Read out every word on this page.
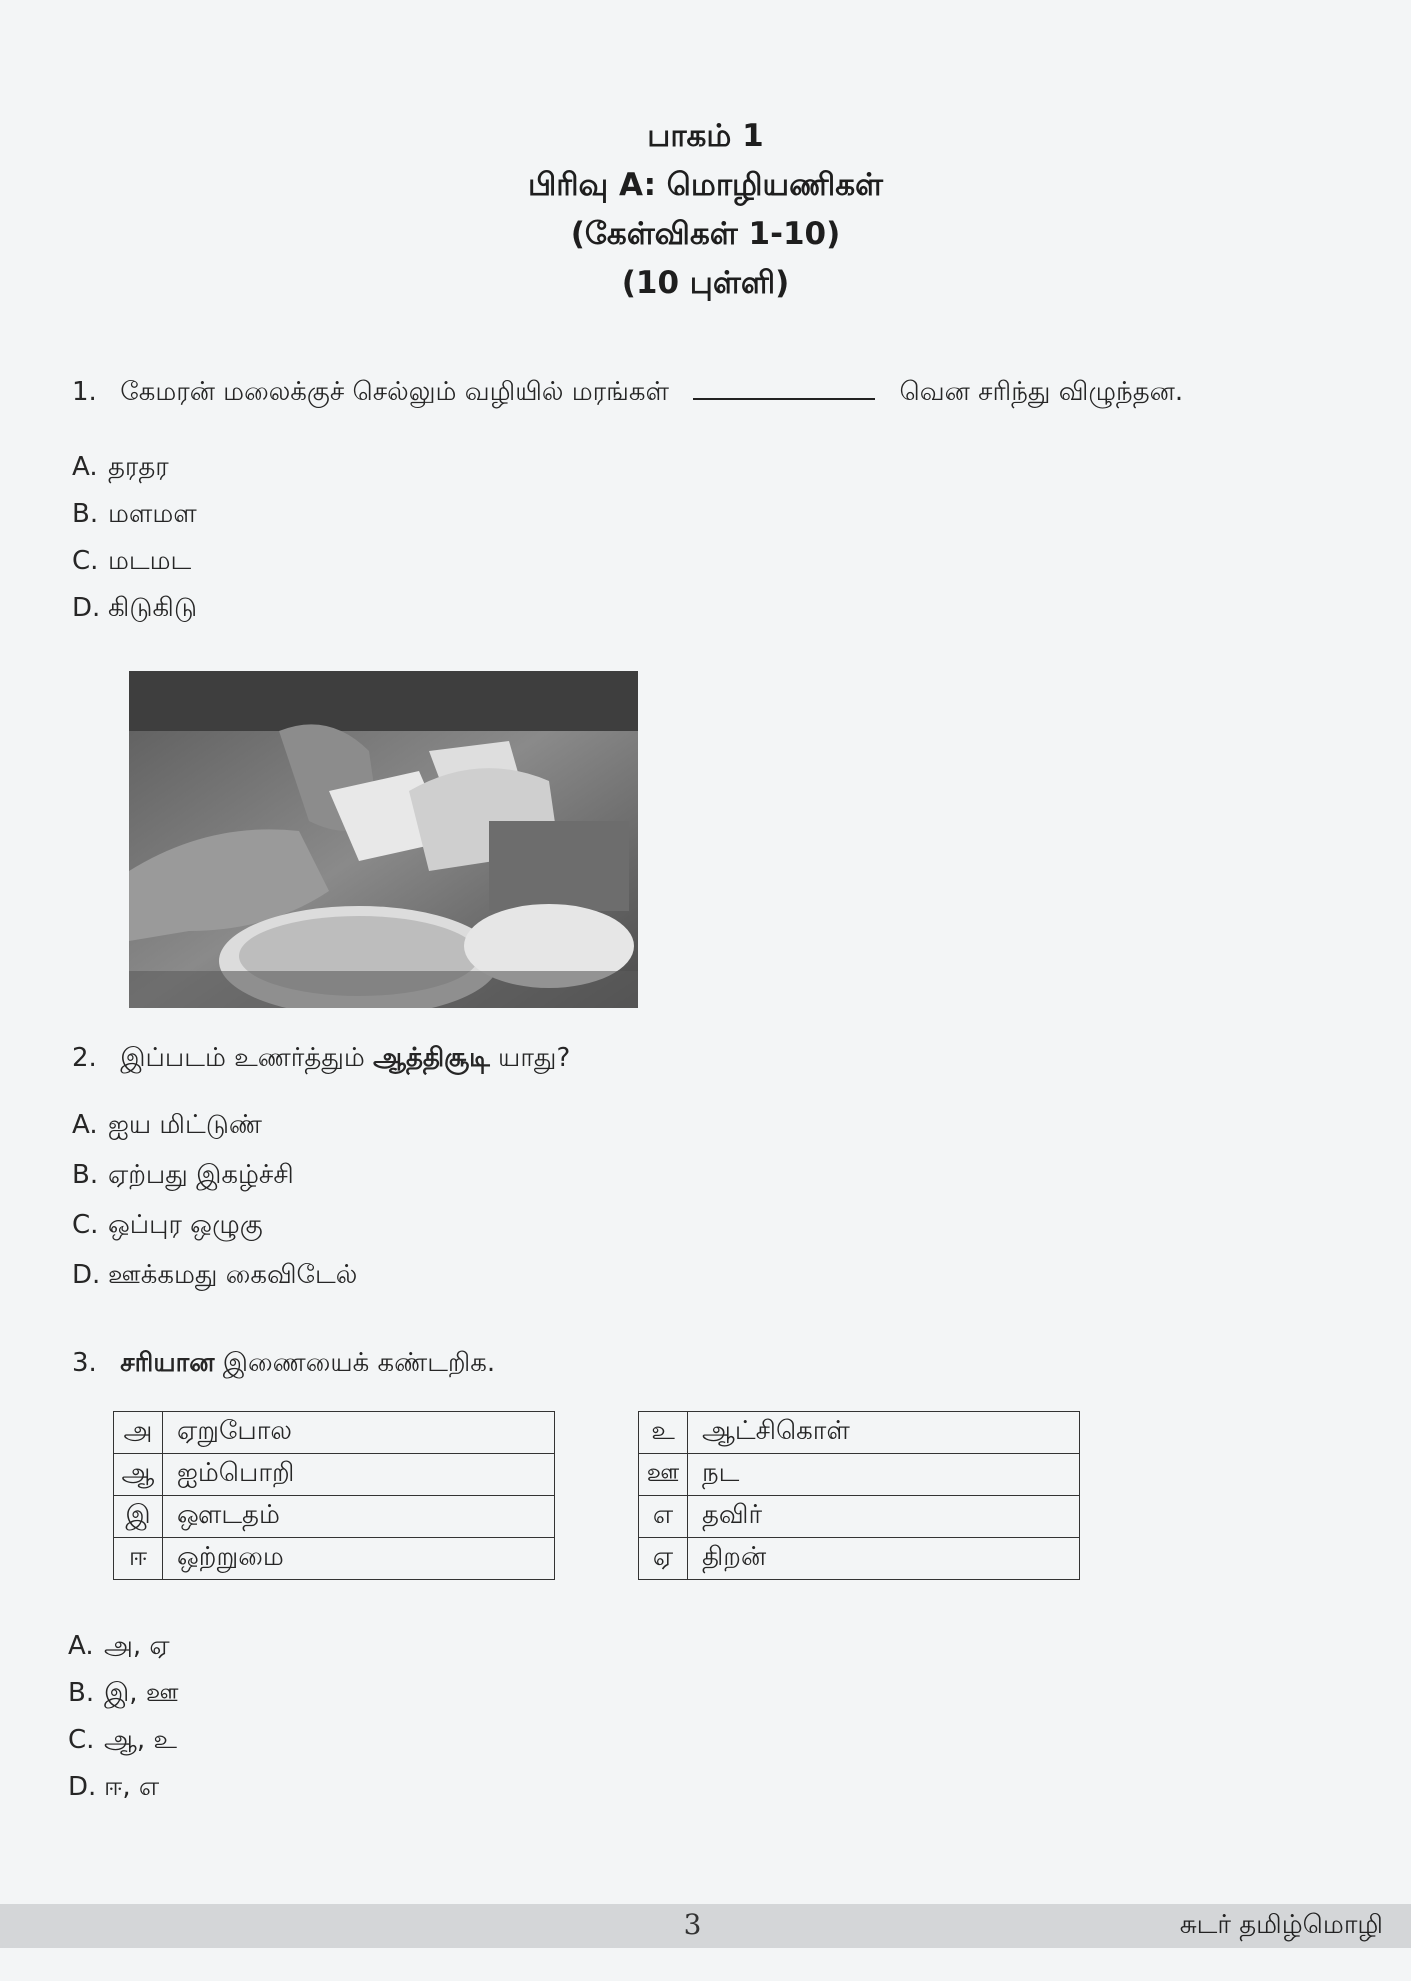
பாகம் 1
பிரிவு A: மொழியணிகள்
(கேள்விகள் 1-10)
(10 புள்ளி)
1. கேமரன் மலைக்குச் செல்லும் வழியில் மரங்கள்	வென சரிந்து விழுந்தன.
A. தரதர
B. மளமள
C. மடமட
D. கிடுகிடு
2. இப்படம் உணர்த்தும் ஆத்திசூடி யாது?
A. ஐய மிட்டுண்
B. ஏற்பது இகழ்ச்சி
C. ஒப்புர ஒழுகு
D. ஊக்கமது கைவிடேல்
3. சரியான இணையைக் கண்டறிக.
அ	ஏறுபோல
ஆ	ஐம்பொறி
இ	ஔடதம்
ஈ	ஒற்றுமை
உ	ஆட்சிகொள்
ஊ	நட
எ	தவிர்
ஏ	திறன்
A. அ, ஏ
B. இ, ஊ
C. ஆ, உ
D. ஈ, எ
3	சுடர் தமிழ்மொழி
